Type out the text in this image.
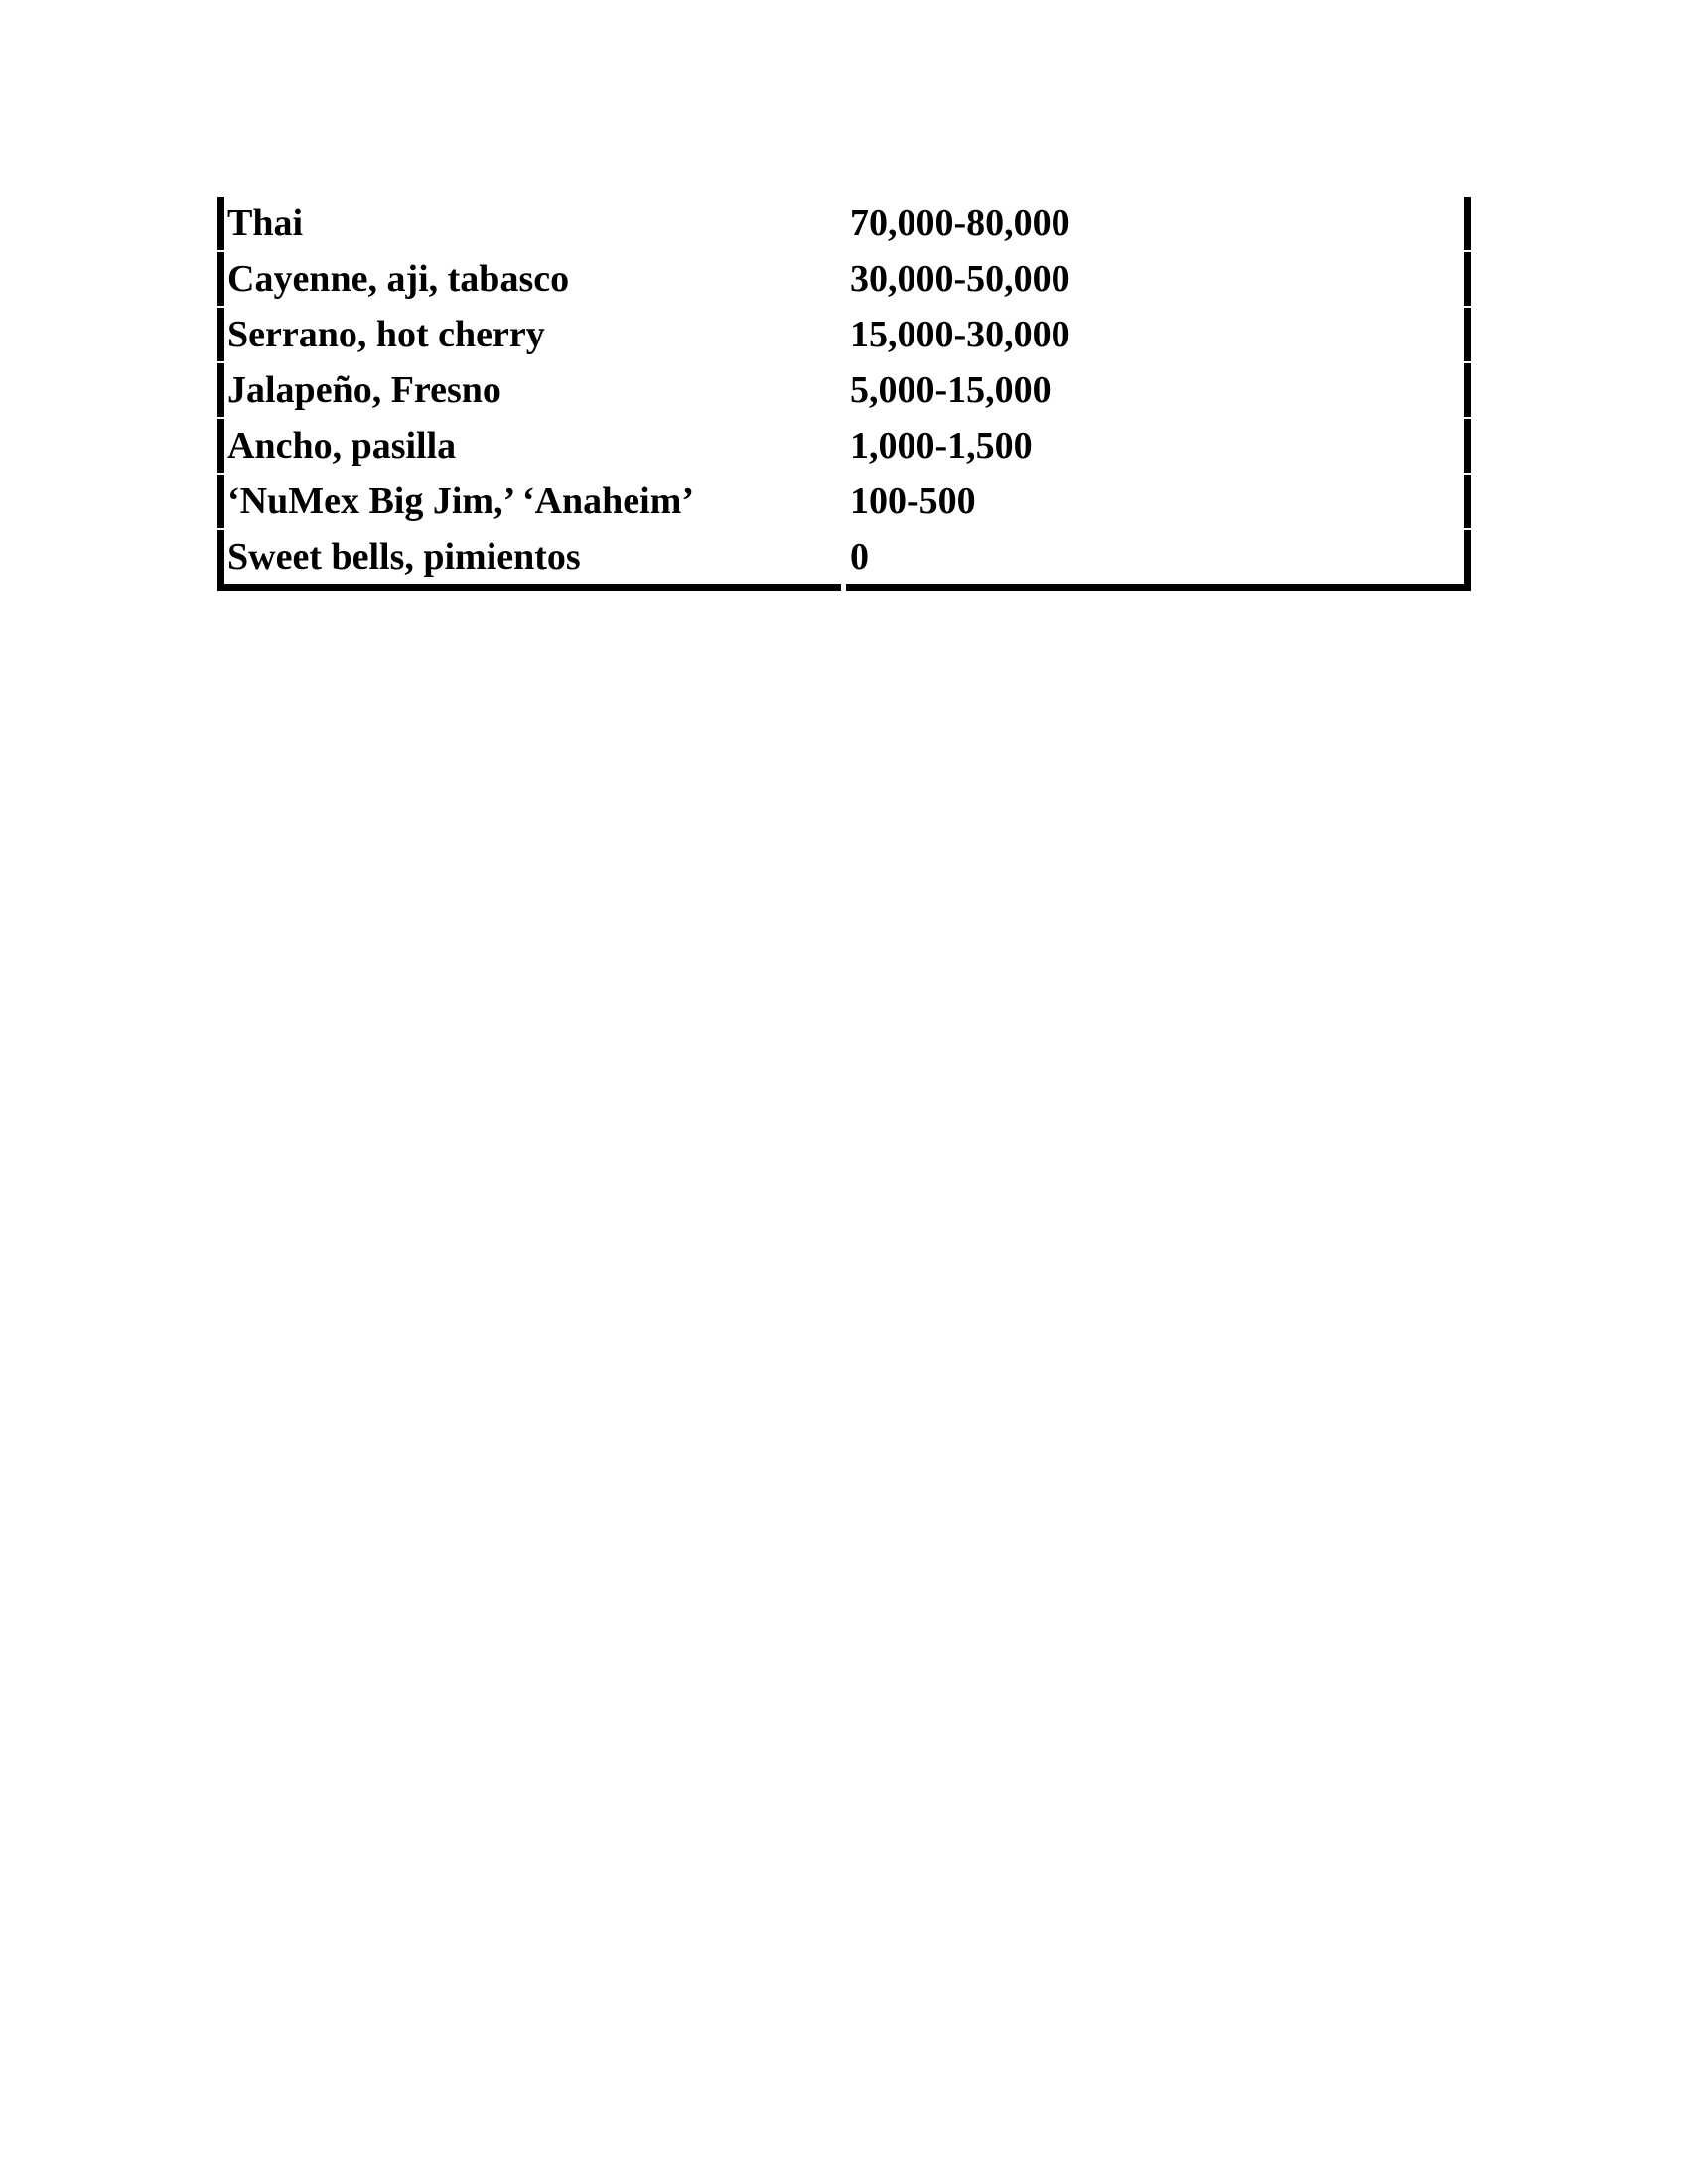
Thai	70,000-80,000
Cayenne, aji, tabasco	30,000-50,000
Serrano, hot cherry	15,000-30,000
Jalapeño, Fresno	5,000-15,000
Ancho, pasilla	1,000-1,500
‘NuMex Big Jim,’ ‘Anaheim’	100-500
Sweet bells, pimientos	0
